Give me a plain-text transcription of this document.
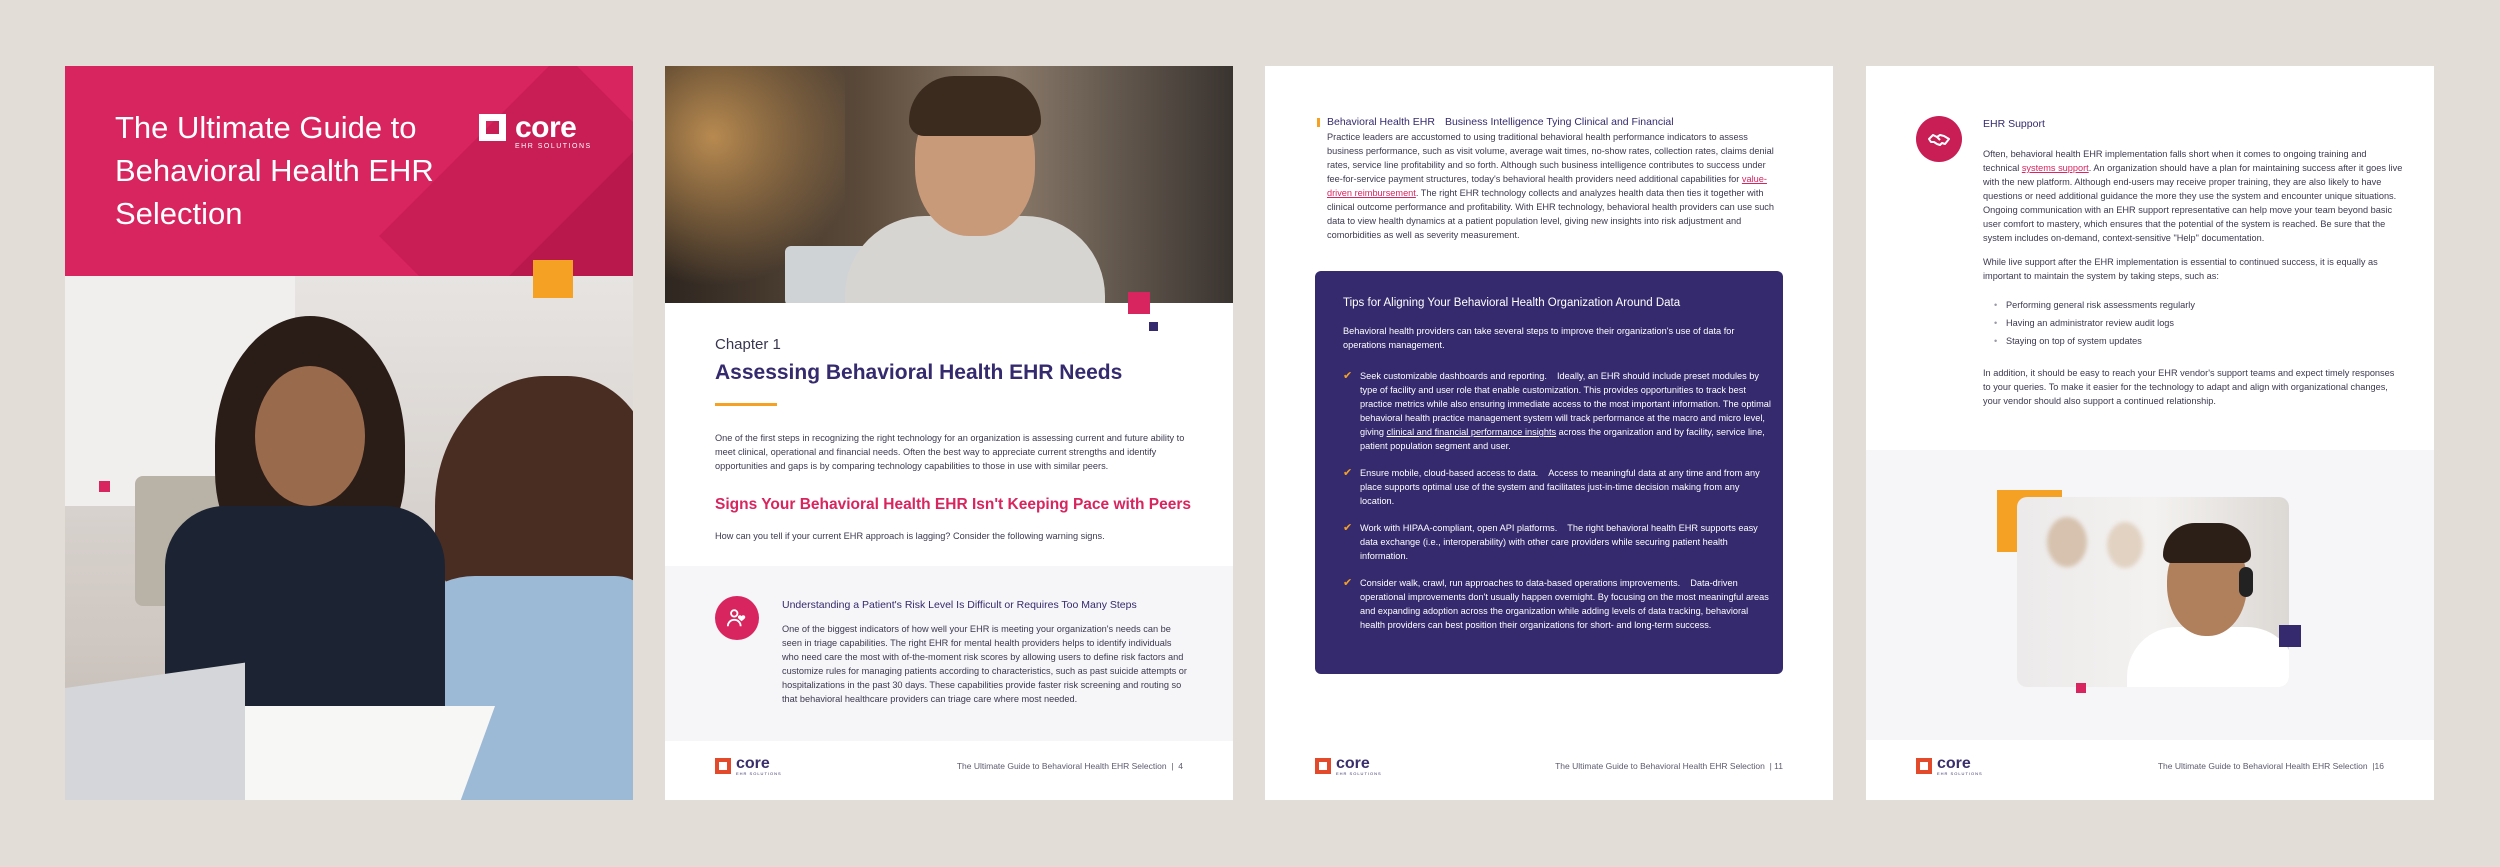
The Ultimate Guide to Behavioral Health EHR Selection
core
EHR SOLUTIONS
Chapter 1
Assessing Behavioral Health EHR Needs

One of the first steps in recognizing the right technology for an organization is assessing current and future ability to meet clinical, operational and financial needs. Often the best way to appreciate current strengths and identify opportunities and gaps is by comparing technology capabilities to those in use with similar peers.

Signs Your Behavioral Health EHR Isn't Keeping Pace with Peers

How can you tell if your current EHR approach is lagging? Consider the following warning signs.

Understanding a Patient's Risk Level Is Difficult or Requires Too Many Steps

One of the biggest indicators of how well your EHR is meeting your organization's needs can be seen in triage capabilities. The right EHR for mental health providers helps to identify individuals who need care the most with of-the-moment risk scores by allowing users to define risk factors and customize rules for managing patients according to characteristics, such as past suicide attempts or hospitalizations in the past 30 days. These capabilities provide faster risk screening and routing so that behavioral healthcare providers can triage care where most needed.

core
EHR SOLUTIONS
The Ultimate Guide to Behavioral Health EHR Selection  |  4
Behavioral Health EHR Business Intelligence Tying Clinical and Financial

Practice leaders are accustomed to using traditional behavioral health performance indicators to assess business performance, such as visit volume, average wait times, no-show rates, collection rates, claims denial rates, service line profitability and so forth. Although such business intelligence contributes to success under fee-for-service payment structures, today's behavioral health providers need additional capabilities for value-driven reimbursement. The right EHR technology collects and analyzes health data then ties it together with clinical outcome performance and profitability. With EHR technology, behavioral health providers can use such data to view health dynamics at a patient population level, giving new insights into risk adjustment and comorbidities as well as severity measurement.

Tips for Aligning Your Behavioral Health Organization Around Data

Behavioral health providers can take several steps to improve their organization's use of data for operations management.

✔ Seek customizable dashboards and reporting. Ideally, an EHR should include preset modules by type of facility and user role that enable customization. This provides opportunities to track best practice metrics while also ensuring immediate access to the most important information. The optimal behavioral health practice management system will track performance at the macro and micro level, giving clinical and financial performance insights across the organization and by facility, service line, patient population segment and user.
✔ Ensure mobile, cloud-based access to data. Access to meaningful data at any time and from any place supports optimal use of the system and facilitates just-in-time decision making from any location.
✔ Work with HIPAA-compliant, open API platforms. The right behavioral health EHR supports easy data exchange (i.e., interoperability) with other care providers while securing patient health information.
✔ Consider walk, crawl, run approaches to data-based operations improvements. Data-driven operational improvements don't usually happen overnight. By focusing on the most meaningful areas and expanding adoption across the organization while adding levels of data tracking, behavioral health providers can best position their organizations for short- and long-term success.
core
EHR SOLUTIONS
The Ultimate Guide to Behavioral Health EHR Selection  | 11
EHR Support

Often, behavioral health EHR implementation falls short when it comes to ongoing training and technical systems support. An organization should have a plan for maintaining success after it goes live with the new platform. Although end-users may receive proper training, they are also likely to have questions or need additional guidance the more they use the system and encounter unique situations. Ongoing communication with an EHR support representative can help move your team beyond basic user comfort to mastery, which ensures that the potential of the system is reached. Be sure that the system includes on-demand, context-sensitive "Help" documentation.

While live support after the EHR implementation is essential to continued success, it is equally as important to maintain the system by taking steps, such as:

• Performing general risk assessments regularly
• Having an administrator review audit logs
• Staying on top of system updates

In addition, it should be easy to reach your EHR vendor's support teams and expect timely responses to your queries. To make it easier for the technology to adapt and align with organizational changes, your vendor should also support a continued relationship.

core
EHR SOLUTIONS
The Ultimate Guide to Behavioral Health EHR Selection  |16
